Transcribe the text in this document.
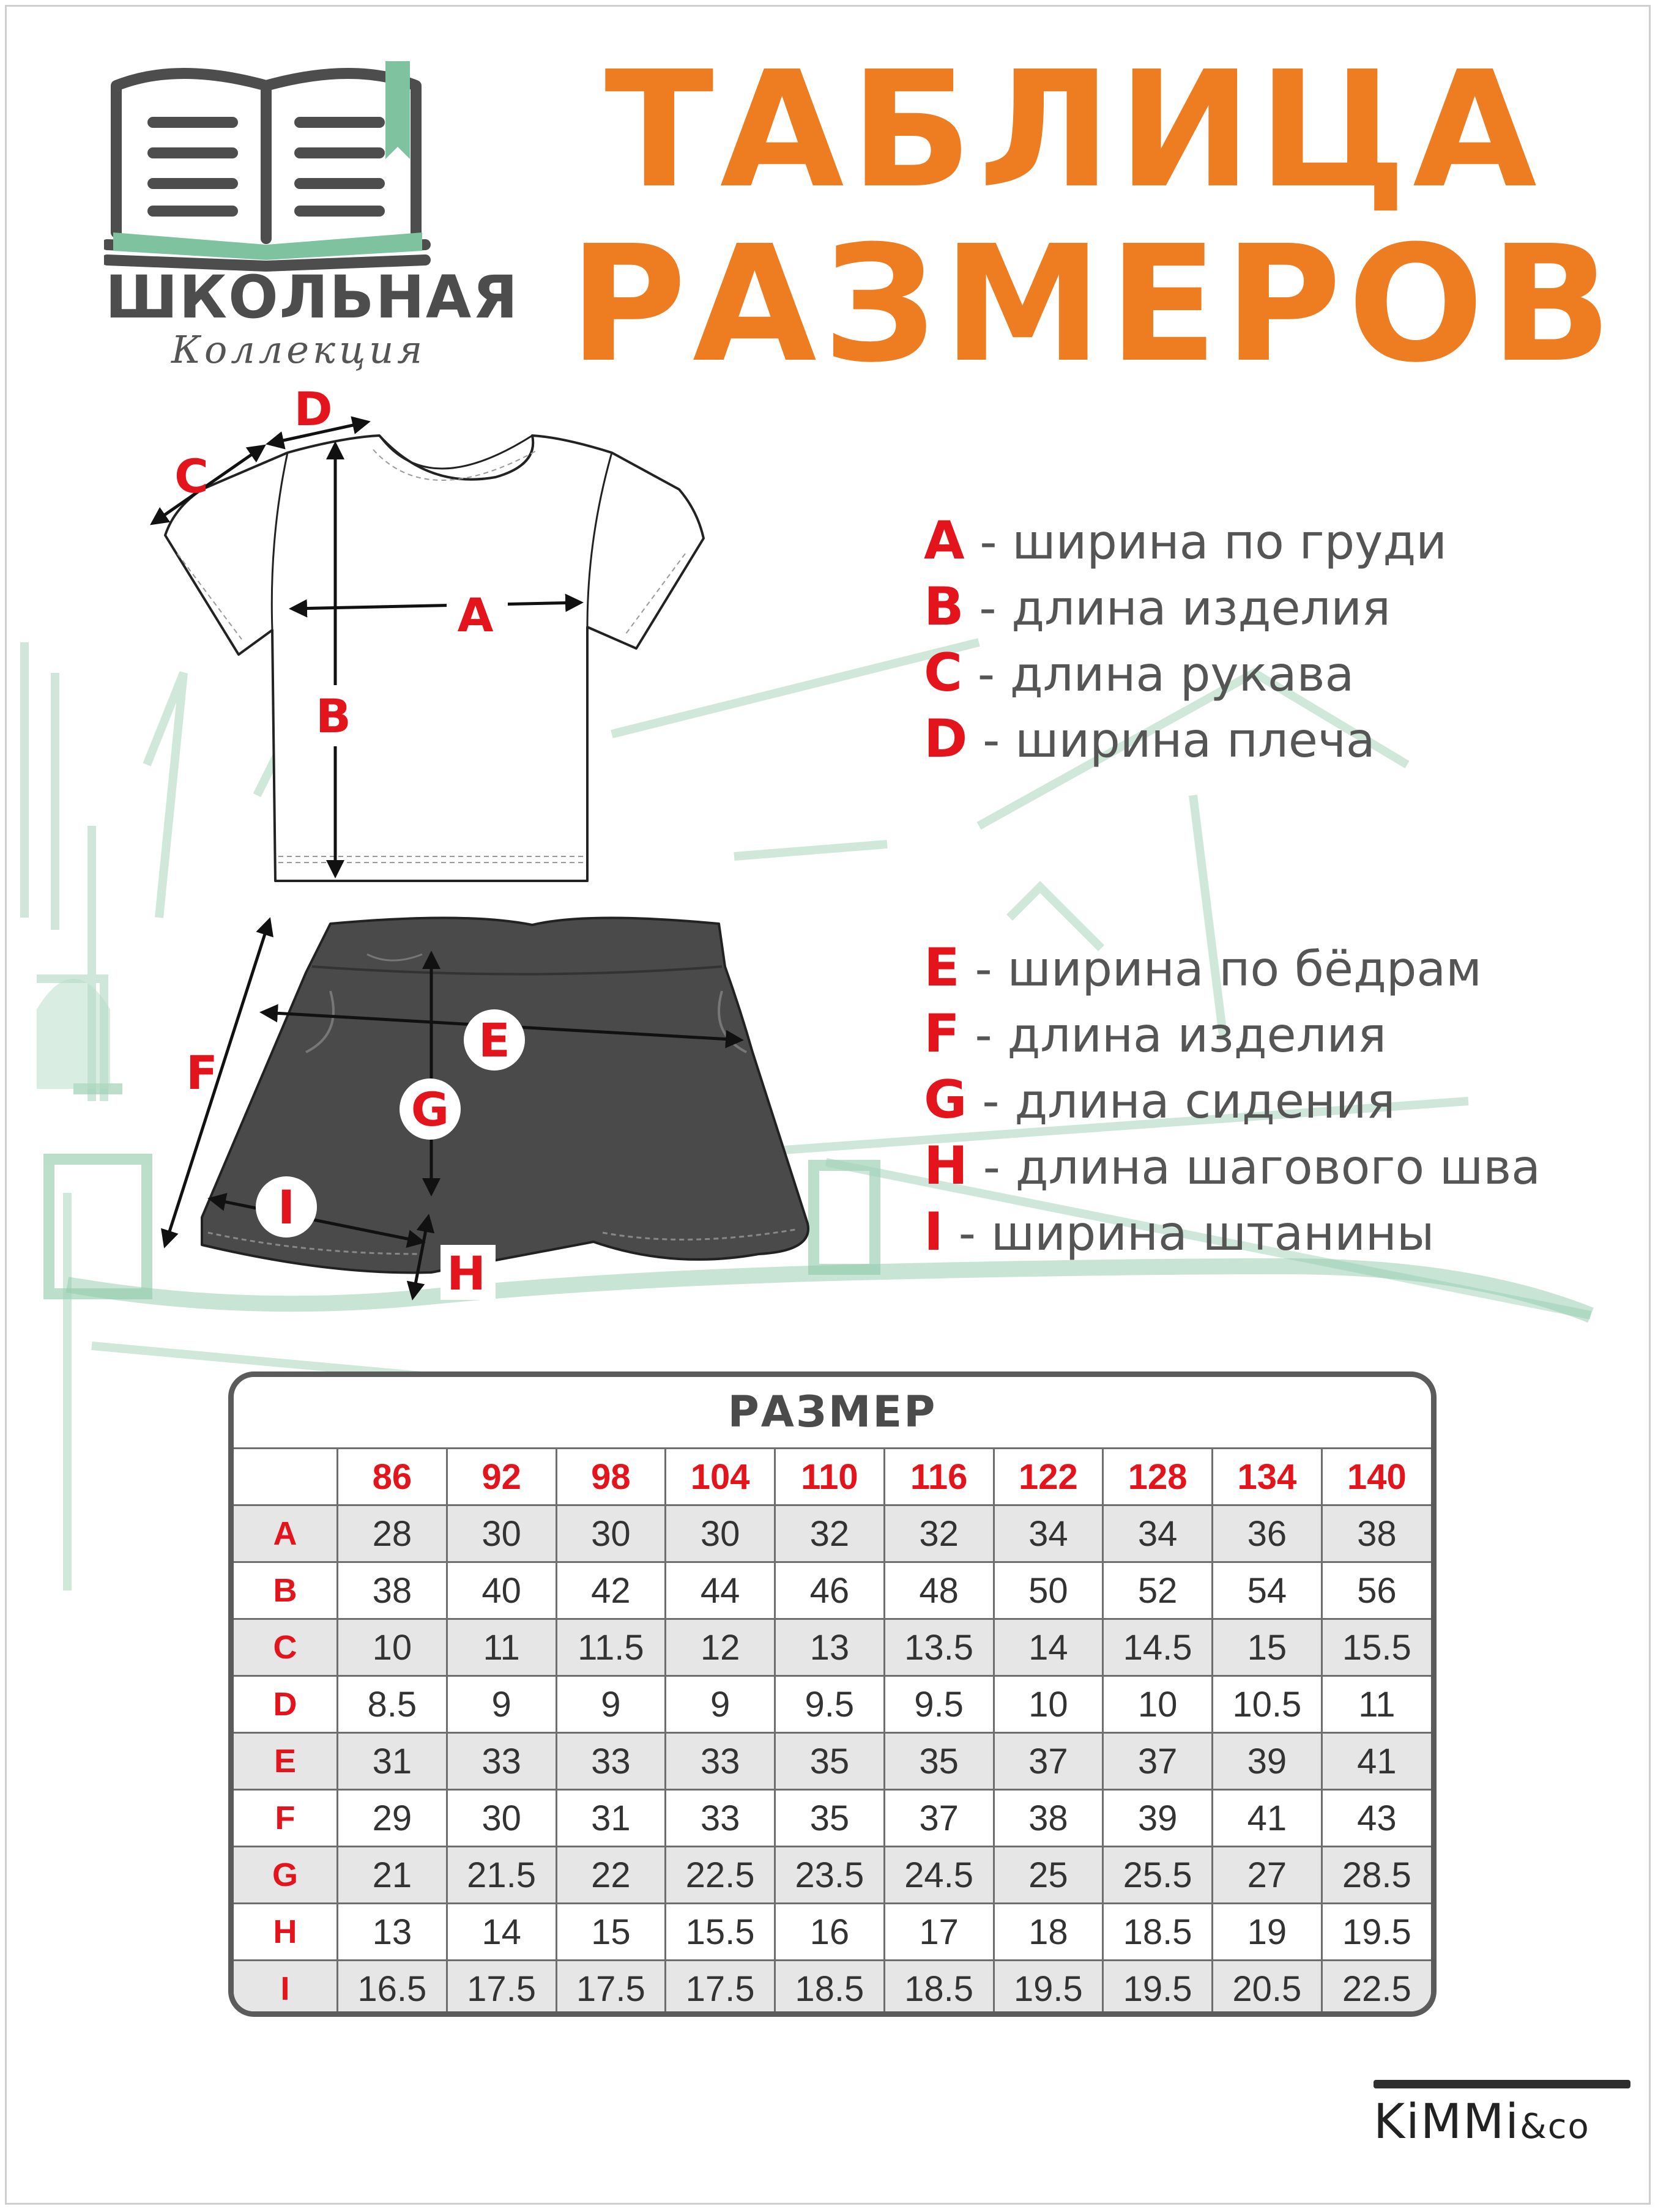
ШКОЛЬНАЯ
Коллекция
ТАБЛИЦА
РАЗМЕРОВ
A
B
C
D
E
F
G
H
I
A - ширина по груди
B - длина изделия
C - длина рукава
D - ширина плеча
E - ширина по бёдрам
F - длина изделия
G - длина сидения
H - длина шагового шва
I - ширина штанины
РАЗМЕР
	86	92	98	104	110	116	122	128	134	140
A	28	30	30	30	32	32	34	34	36	38
B	38	40	42	44	46	48	50	52	54	56
C	10	11	11.5	12	13	13.5	14	14.5	15	15.5
D	8.5	9	9	9	9.5	9.5	10	10	10.5	11
E	31	33	33	33	35	35	37	37	39	41
F	29	30	31	33	35	37	38	39	41	43
G	21	21.5	22	22.5	23.5	24.5	25	25.5	27	28.5
H	13	14	15	15.5	16	17	18	18.5	19	19.5
I	16.5	17.5	17.5	17.5	18.5	18.5	19.5	19.5	20.5	22.5
KiMMi&co
